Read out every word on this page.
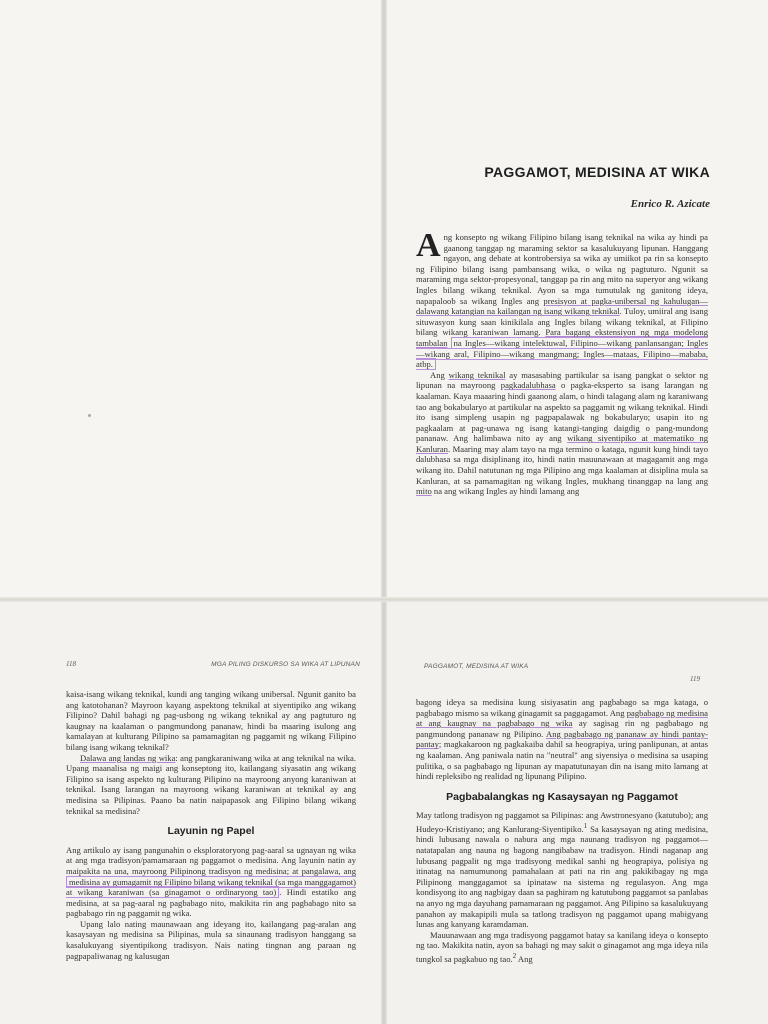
PAGGAMOT, MEDISINA AT WIKA
Enrico R. Azicate

Ang konsepto ng wikang Filipino bilang isang teknikal na wika ay hindi pa gaanong tanggap ng maraming sektor sa kasalukuyang lipunan. Hanggang ngayon, ang debate at kontrobersiya sa wika ay umiikot pa rin sa konsepto ng Filipino bilang isang pambansang wika, o wika ng pagtuturo. Ngunit sa maraming mga sektor-propesyonal, tanggap pa rin ang mito na superyor ang wikang Ingles bilang wikang teknikal. Ayon sa mga tumutulak ng ganitong ideya, napapaloob sa wikang Ingles ang presisyon at pagka-unibersal ng kahulugan—dalawang katangian na kailangan ng isang wikang teknikal. Tuloy, umiiral ang isang situwasyon kung saan kinikilala ang Ingles bilang wikang teknikal, at Filipino bilang wikang karaniwan lamang. Para bagang ekstensiyon ng mga modelong tambalan na Ingles—wikang intelektuwal, Filipino—wikang panlansangan; Ingles—wikang aral, Filipino—wikang mangmang; Ingles—mataas, Filipino—mababa, atbp.

Ang wikang teknikal ay masasabing partikular sa isang pangkat o sektor ng lipunan na mayroong pagkadalubhasa o pagka-eksperto sa isang larangan ng kaalaman. Kaya maaaring hindi gaanong alam, o hindi talagang alam ng karaniwang tao ang bokabularyo at partikular na aspekto sa paggamit ng wikang teknikal. Hindi ito isang simpleng usapin ng pagpapalawak ng bokabularyo; usapin ito ng pagkaalam at pag-unawa ng isang katangi-tanging daigdig o pang-mundong pananaw. Ang halimbawa nito ay ang wikang siyentipiko at matematiko ng Kanluran. Maaring may alam tayo na mga termino o kataga, ngunit kung hindi tayo dalubhasa sa mga disiplinang ito, hindi natin mauunawaan at magagamit ang mga wikang ito. Dahil natutunan ng mga Pilipino ang mga kaalaman at disiplina mula sa Kanluran, at sa pamamagitan ng wikang Ingles, mukhang tinanggap na lang ang mito na ang wikang Ingles ay hindi lamang ang

118	MGA PILING DISKURSO SA WIKA AT LIPUNAN

kaisa-isang wikang teknikal, kundi ang tanging wikang unibersal. Ngunit ganito ba ang katotohanan? Mayroon kayang aspektong teknikal at siyentipiko ang wikang Filipino? Dahil bahagi ng pag-usbong ng wikang teknikal ay ang pagtuturo ng kaugnay na kaalaman o pangmundong pananaw, hindi ba maaring isulong ang kamalayan at kulturang Pilipino sa pamamagitan ng paggamit ng wikang Filipino bilang isang wikang teknikal?

Dalawa ang landas ng wika: ang pangkaraniwang wika at ang teknikal na wika. Upang maanalisa ng maigi ang konseptong ito, kailangang siyasatin ang wikang Filipino sa isang aspekto ng kulturang Pilipino na mayroong anyong karaniwan at teknikal. Isang larangan na mayroong wikang karaniwan at teknikal ay ang medisina sa Pilipinas. Paano ba natin naipapasok ang Filipino bilang wikang teknikal sa medisina?

Layunin ng Papel

Ang artikulo ay isang pangunahin o eksploratoryong pag-aaral sa ugnayan ng wika at ang mga tradisyon/pamamaraan ng paggamot o medisina. Ang layunin natin ay maipakita na una, mayroong Pilipinong tradisyon ng medisina; at pangalawa, ang medisina ay gumagamit ng Filipino bilang wikang teknikal (sa mga manggagamot) at wikang karaniwan (sa ginagamot o ordinaryong tao) . Hindi estatiko ang medisina, at sa pag-aaral ng pagbabago nito, makikita rin ang pagbabago nito sa pagbabago rin ng paggamit ng wika.

Upang lalo nating maunawaan ang ideyang ito, kailangang pag-aralan ang kasaysayan ng medisina sa Pilipinas, mula sa sinaunang tradisyon hanggang sa kasalukuyang siyentipikong tradisyon. Nais nating tingnan ang paraan ng pagpapaliwanag ng kalusugan

PAGGAMOT, MEDISINA AT WIKA
119

bagong ideya sa medisina kung sisiyasatin ang pagbabago sa mga kataga, o pagbabago mismo sa wikang ginagamit sa paggagamot. Ang pagbabago ng medisina at ang kaugnay na pagbabago ng wika ay sagisag rin ng pagbabago ng pangmundong pananaw ng Pilipino. Ang pagbabago ng pananaw ay hindi pantay-pantay; magkakaroon ng pagkakaiba dahil sa heograpiya, uring panlipunan, at antas ng kaalaman. Ang paniwala natin na "neutral" ang siyensiya o medisina sa usaping pulitika, o sa pagbabago ng lipunan ay mapatutunayan din na isang mito lamang at hindi repleksibo ng realidad ng lipunang Pilipino.

Pagbabalangkas ng Kasaysayan ng Paggamot

May tatlong tradisyon ng paggamot sa Pilipinas: ang Awstronesyano (katutubo); ang Hudeyo-Kristiyano; ang Kanlurang-Siyentipiko.$^1$ Sa kasaysayan ng ating medisina, hindi lubusang nawala o nabura ang mga naunang tradisyon ng paggamot—natatapalan ang nauna ng bagong nangibabaw na tradisyon. Hindi naganap ang lubusang pagpalit ng mga tradisyong medikal sanhi ng heograpiya, polisiya ng itinatag na namumunong pamahalaan at pati na rin ang pakikibagay ng mga Pilipinong manggagamot sa ipinataw na sistema ng regulasyon. Ang mga kondisyong ito ang nagbigay daan sa paghiram ng katutubong paggamot sa panlabas na anyo ng mga dayuhang pamamaraan ng paggamot. Ang Pilipino sa kasalukuyang panahon ay makapipili mula sa tatlong tradisyon ng paggamot upang mabigyang lunas ang kanyang karamdaman.

Mauunawaan ang mga tradisyong paggamot batay sa kanilang ideya o konsepto ng tao. Makikita natin, ayon sa bahagi ng may sakit o ginagamot ang mga ideya nila tungkol sa pagkabuo ng tao.$^2$ Ang
